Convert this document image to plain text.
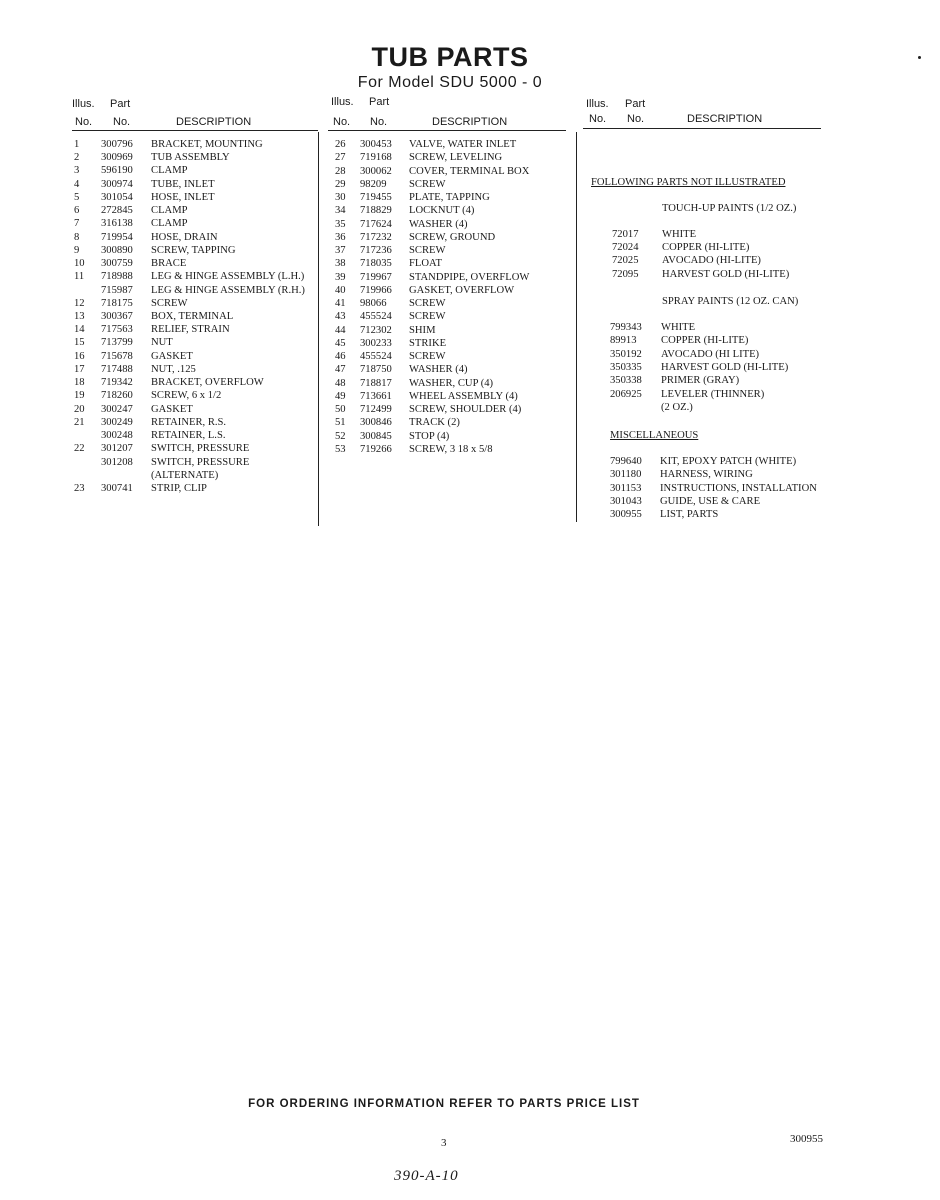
TUB PARTS
For Model SDU 5000 - 0
Illus. Part
No. No.	DESCRIPTION
Illus. Part
No. No.	DESCRIPTION
Illus. Part
No. No.	DESCRIPTION
1 300796 BRACKET, MOUNTING
2 300969 TUB ASSEMBLY
3 596190 CLAMP
4 300974 TUBE, INLET
5 301054 HOSE, INLET
6 272845 CLAMP
7 316138 CLAMP
8 719954 HOSE, DRAIN
9 300890 SCREW, TAPPING
10 300759 BRACE
11 718988 LEG & HINGE ASSEMBLY (L.H.)
715987 LEG & HINGE ASSEMBLY (R.H.)
12 718175 SCREW
13 300367 BOX, TERMINAL
14 717563 RELIEF, STRAIN
15 713799 NUT
16 715678 GASKET
17 717488 NUT, .125
18 719342 BRACKET, OVERFLOW
19 718260 SCREW, 6 x 1/2
20 300247 GASKET
21 300249 RETAINER, R.S.
300248 RETAINER, L.S.
22 301207 SWITCH, PRESSURE
301208 SWITCH, PRESSURE
(ALTERNATE)
23 300741 STRIP, CLIP
26 300453 VALVE, WATER INLET
27 719168 SCREW, LEVELING
28 300062 COVER, TERMINAL BOX
29 98209 SCREW
30 719455 PLATE, TAPPING
34 718829 LOCKNUT (4)
35 717624 WASHER (4)
36 717232 SCREW, GROUND
37 717236 SCREW
38 718035 FLOAT
39 719967 STANDPIPE, OVERFLOW
40 719966 GASKET, OVERFLOW
41 98066 SCREW
43 455524 SCREW
44 712302 SHIM
45 300233 STRIKE
46 455524 SCREW
47 718750 WASHER (4)
48 718817 WASHER, CUP (4)
49 713661 WHEEL ASSEMBLY (4)
50 712499 SCREW, SHOULDER (4)
51 300846 TRACK (2)
52 300845 STOP (4)
53 719266 SCREW, 3 18 x 5/8
FOLLOWING PARTS NOT ILLUSTRATED
TOUCH-UP PAINTS (1/2 OZ.)
72017 WHITE
72024 COPPER (HI-LITE)
72025 AVOCADO (HI-LITE)
72095 HARVEST GOLD (HI-LITE)
SPRAY PAINTS (12 OZ. CAN)
799343 WHITE
89913 COPPER (HI-LITE)
350192 AVOCADO (HI LITE)
350335 HARVEST GOLD (HI-LITE)
350338 PRIMER (GRAY)
206925 LEVELER (THINNER)
(2 OZ.)
MISCELLANEOUS
799640 KIT, EPOXY PATCH (WHITE)
301180 HARNESS, WIRING
301153 INSTRUCTIONS, INSTALLATION
301043 GUIDE, USE & CARE
300955 LIST, PARTS
FOR ORDERING INFORMATION REFER TO PARTS PRICE LIST
3	300955
390-A-10
